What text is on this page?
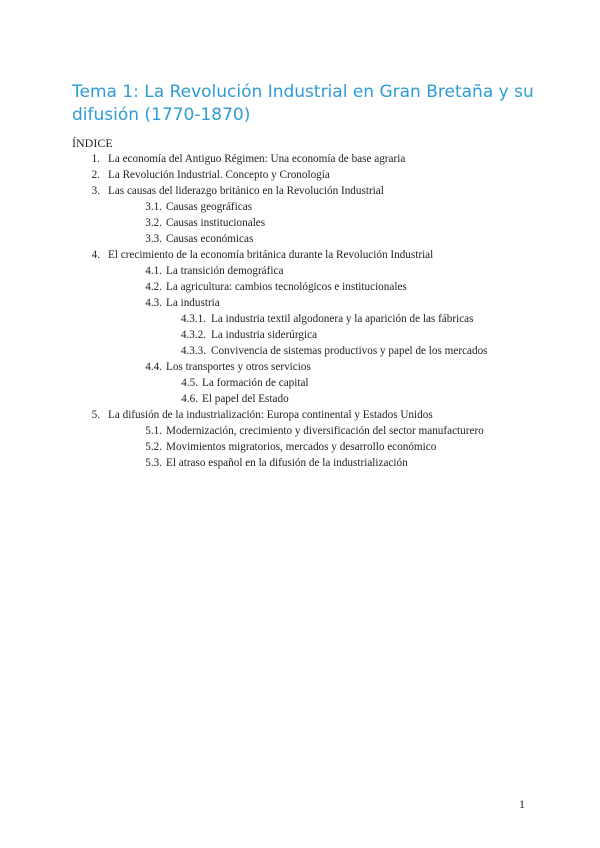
Tema 1: La Revolución Industrial en Gran Bretaña y su difusión (1770-1870)
ÍNDICE
1. La economía del Antiguo Régimen: Una economía de base agraria
2. La Revolución Industrial. Concepto y Cronología
3. Las causas del liderazgo británico en la Revolución Industrial
3.1. Causas geográficas
3.2. Causas institucionales
3.3. Causas económicas
4. El crecimiento de la economía británica durante la Revolución Industrial
4.1. La transición demográfica
4.2. La agricultura: cambios tecnológicos e institucionales
4.3. La industria
4.3.1. La industria textil algodonera y la aparición de las fábricas
4.3.2. La industria siderúrgica
4.3.3. Convivencia de sistemas productivos y papel de los mercados
4.4. Los transportes y otros servicios
4.5. La formación de capital
4.6. El papel del Estado
5. La difusión de la industrialización: Europa continental y Estados Unidos
5.1. Modernización, crecimiento y diversificación del sector manufacturero
5.2. Movimientos migratorios, mercados y desarrollo económico
5.3. El atraso español en la difusión de la industrialización
1
